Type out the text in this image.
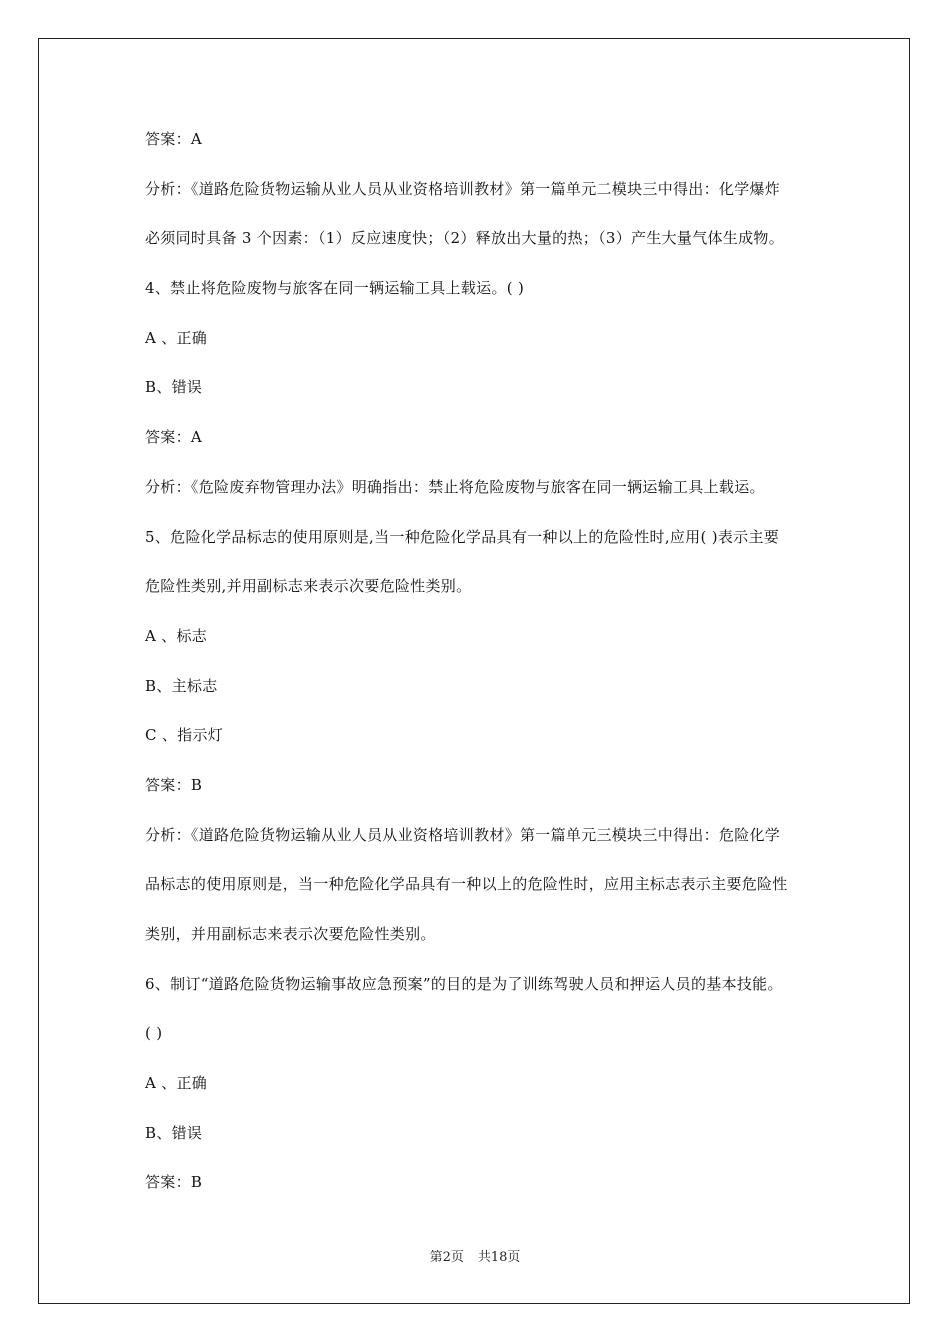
答案：A
分析：《道路危险货物运输从业人员从业资格培训教材》第一篇单元二模块三中得出：化学爆炸
必须同时具备 3 个因素：（1）反应速度快；（2）释放出大量的热；（3）产生大量气体生成物。
4、禁止将危险废物与旅客在同一辆运输工具上载运。( )
A 、正确
B、错误
答案：A
分析：《危险废弃物管理办法》明确指出：禁止将危险废物与旅客在同一辆运输工具上载运。
5、危险化学品标志的使用原则是,当一种危险化学品具有一种以上的危险性时,应用( )表示主要
危险性类别,并用副标志来表示次要危险性类别。
A 、标志
B、主标志
C 、指示灯
答案：B
分析：《道路危险货物运输从业人员从业资格培训教材》第一篇单元三模块三中得出：危险化学
品标志的使用原则是，当一种危险化学品具有一种以上的危险性时，应用主标志表示主要危险性
类别，并用副标志来表示次要危险性类别。
6、制订“道路危险货物运输事故应急预案”的目的是为了训练驾驶人员和押运人员的基本技能。
( )
A 、正确
B、错误
答案：B
第2页 共18页
